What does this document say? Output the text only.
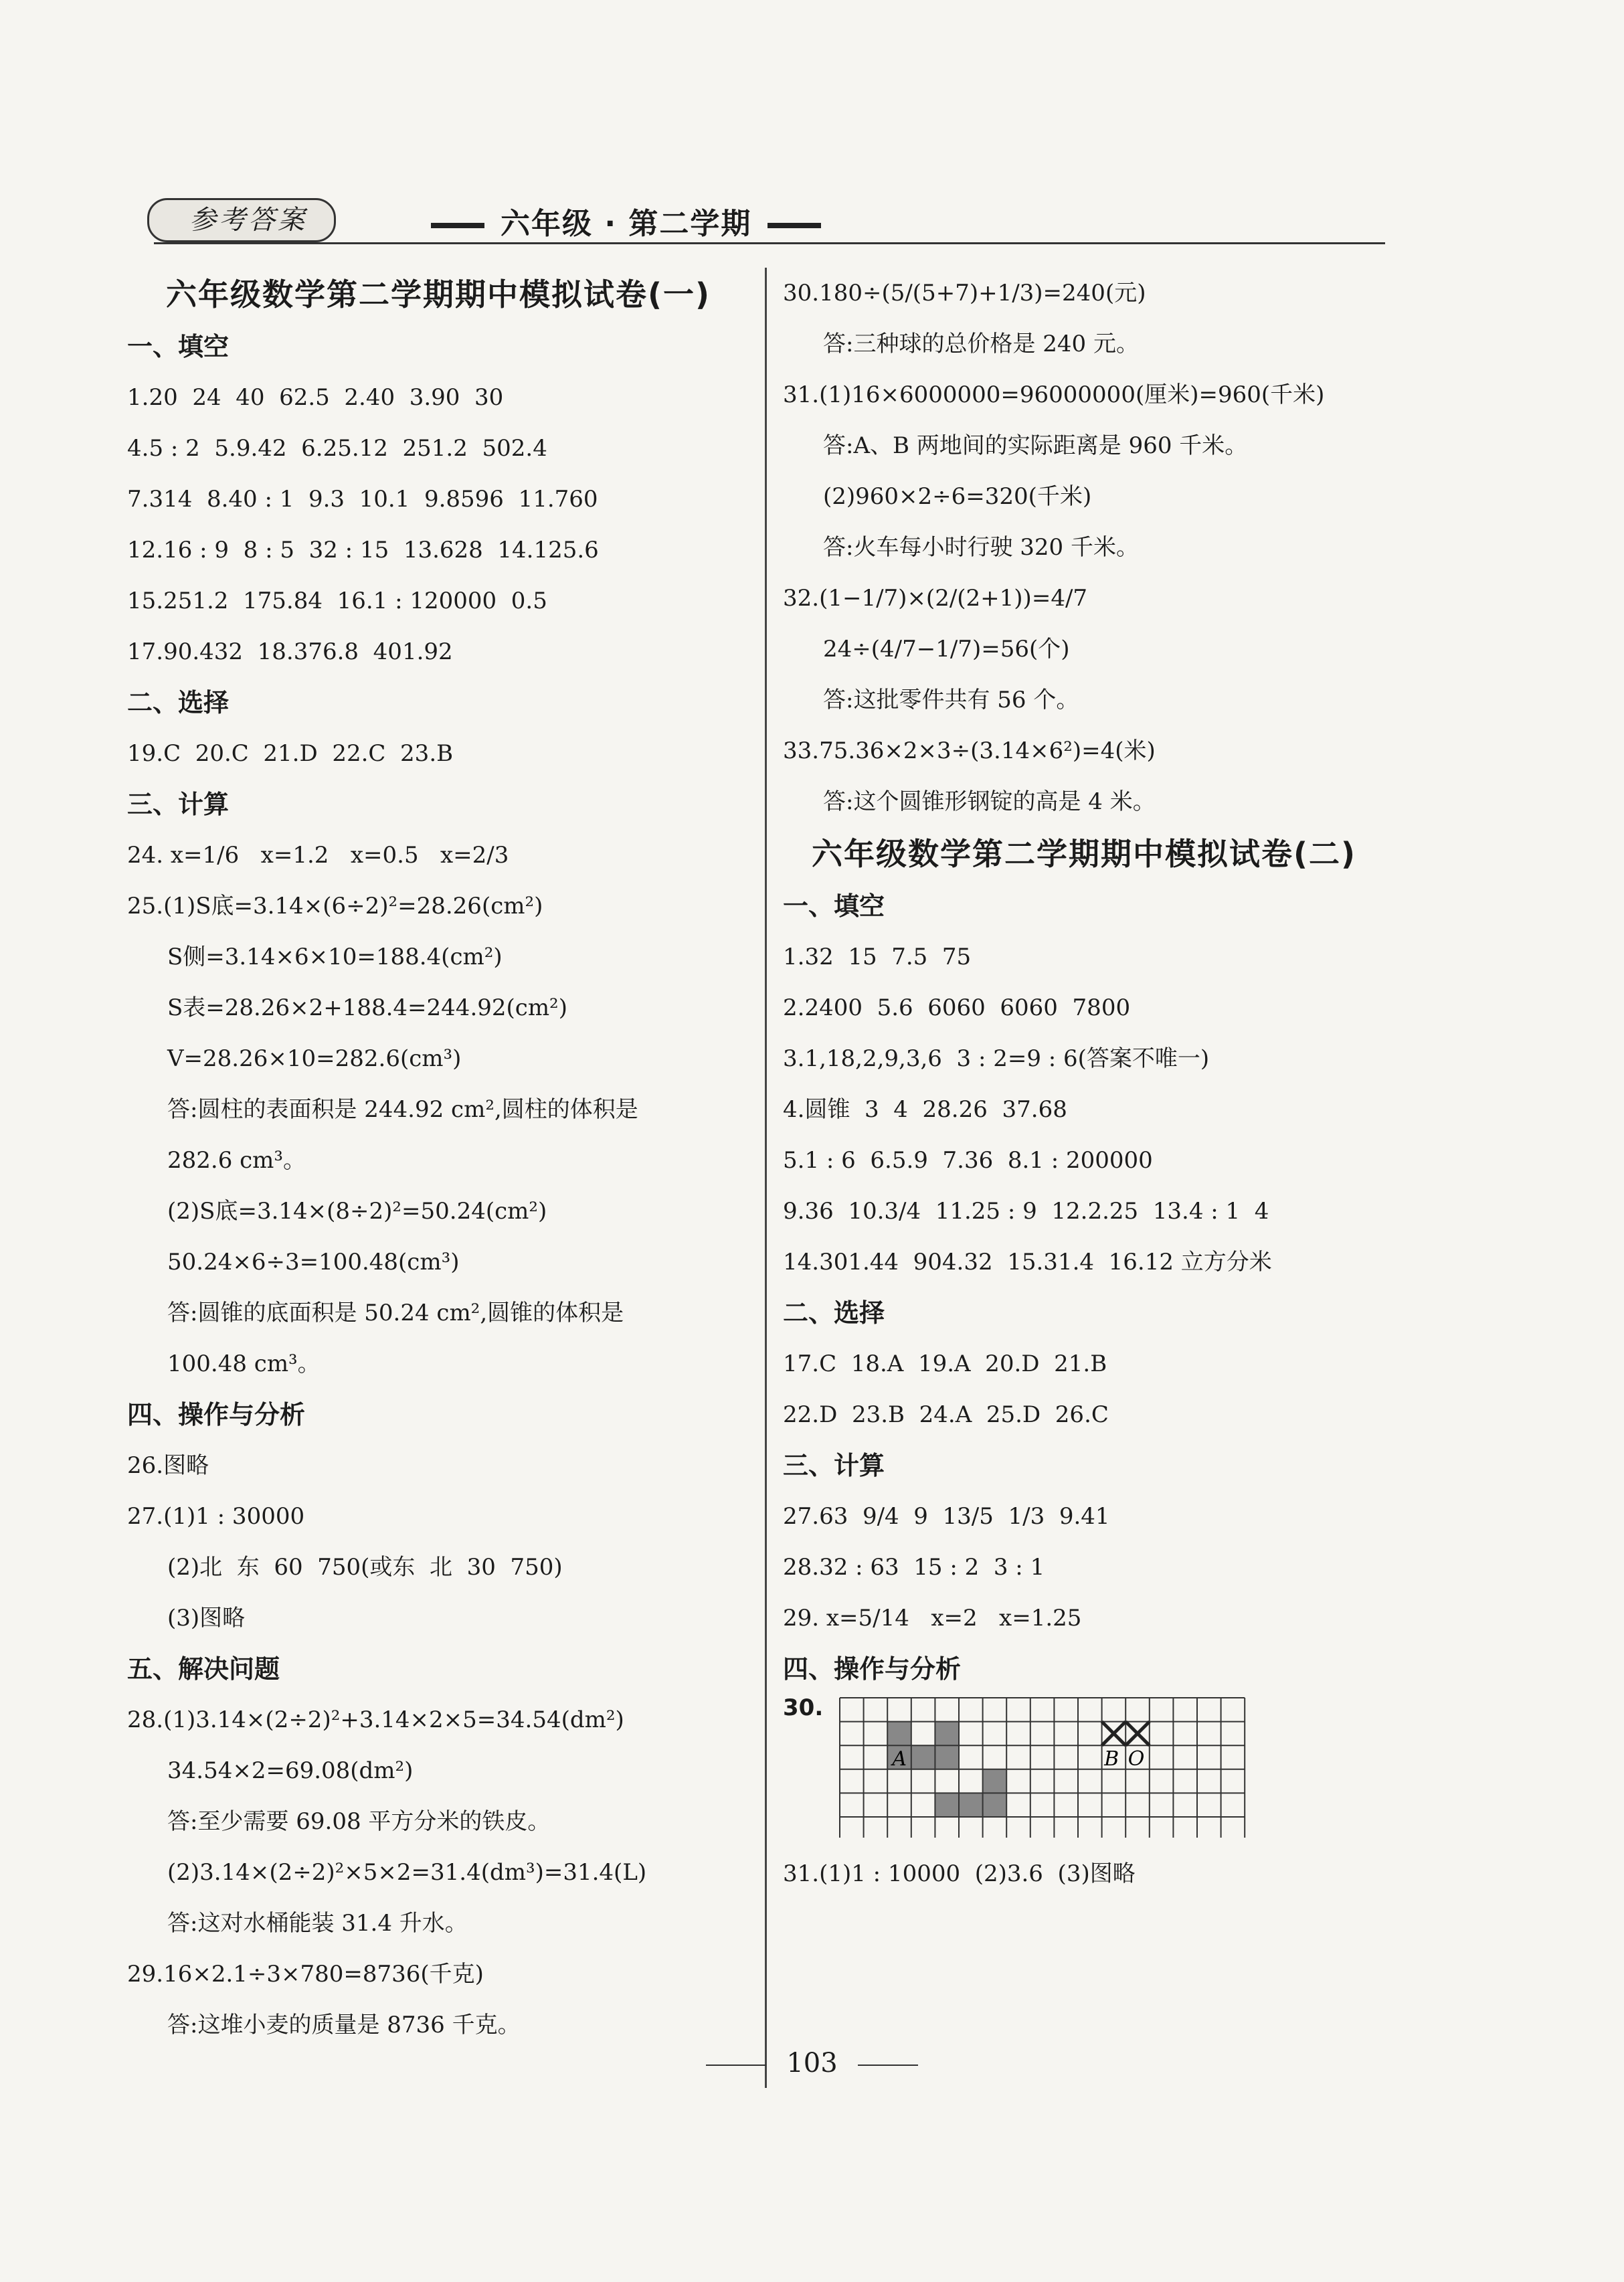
参考答案	六年级 · 第二学期
六年级数学第二学期期中模拟试卷(一)
一、填空
1.20  24  40  62.5  2.40  3.90  30
4.5 : 2  5.9.42  6.25.12  251.2  502.4
7.314  8.40 : 1  9.3  10.1  9.8596  11.760
12.16 : 9  8 : 5  32 : 15  13.628  14.125.6
15.251.2  175.84  16.1 : 120000  0.5
17.90.432  18.376.8  401.92
二、选择
19.C  20.C  21.D  22.C  23.B
三、计算
24. x=1/6   x=1.2   x=0.5   x=2/3
25.(1)S底=3.14×(6÷2)²=28.26(cm²)
S侧=3.14×6×10=188.4(cm²)
S表=28.26×2+188.4=244.92(cm²)
V=28.26×10=282.6(cm³)
答:圆柱的表面积是 244.92 cm²,圆柱的体积是
282.6 cm³。
(2)S底=3.14×(8÷2)²=50.24(cm²)
50.24×6÷3=100.48(cm³)
答:圆锥的底面积是 50.24 cm²,圆锥的体积是
100.48 cm³。
四、操作与分析
26.图略
27.(1)1 : 30000
(2)北  东  60  750(或东  北  30  750)
(3)图略
五、解决问题
28.(1)3.14×(2÷2)²+3.14×2×5=34.54(dm²)
34.54×2=69.08(dm²)
答:至少需要 69.08 平方分米的铁皮。
(2)3.14×(2÷2)²×5×2=31.4(dm³)=31.4(L)
答:这对水桶能装 31.4 升水。
29.16×2.1÷3×780=8736(千克)
答:这堆小麦的质量是 8736 千克。
30.180÷(5/(5+7)+1/3)=240(元)
答:三种球的总价格是 240 元。
31.(1)16×6000000=96000000(厘米)=960(千米)
答:A、B 两地间的实际距离是 960 千米。
(2)960×2÷6=320(千米)
答:火车每小时行驶 320 千米。
32.(1−1/7)×(2/(2+1))=4/7
24÷(4/7−1/7)=56(个)
答:这批零件共有 56 个。
33.75.36×2×3÷(3.14×6²)=4(米)
答:这个圆锥形钢锭的高是 4 米。
六年级数学第二学期期中模拟试卷(二)
一、填空
1.32  15  7.5  75
2.2400  5.6  6060  6060  7800
3.1,18,2,9,3,6  3 : 2=9 : 6(答案不唯一)
4.圆锥  3  4  28.26  37.68
5.1 : 6  6.5.9  7.36  8.1 : 200000
9.36  10.3/4  11.25 : 9  12.2.25  13.4 : 1  4
14.301.44  904.32  15.31.4  16.12 立方分米
二、选择
17.C  18.A  19.A  20.D  21.B
22.D  23.B  24.A  25.D  26.C
三、计算
27.63  9/4  9  13/5  1/3  9.41
28.32 : 63  15 : 2  3 : 1
29. x=5/14   x=2   x=1.25
四、操作与分析
30.
A	B O
31.(1)1 : 10000  (2)3.6  (3)图略
103
